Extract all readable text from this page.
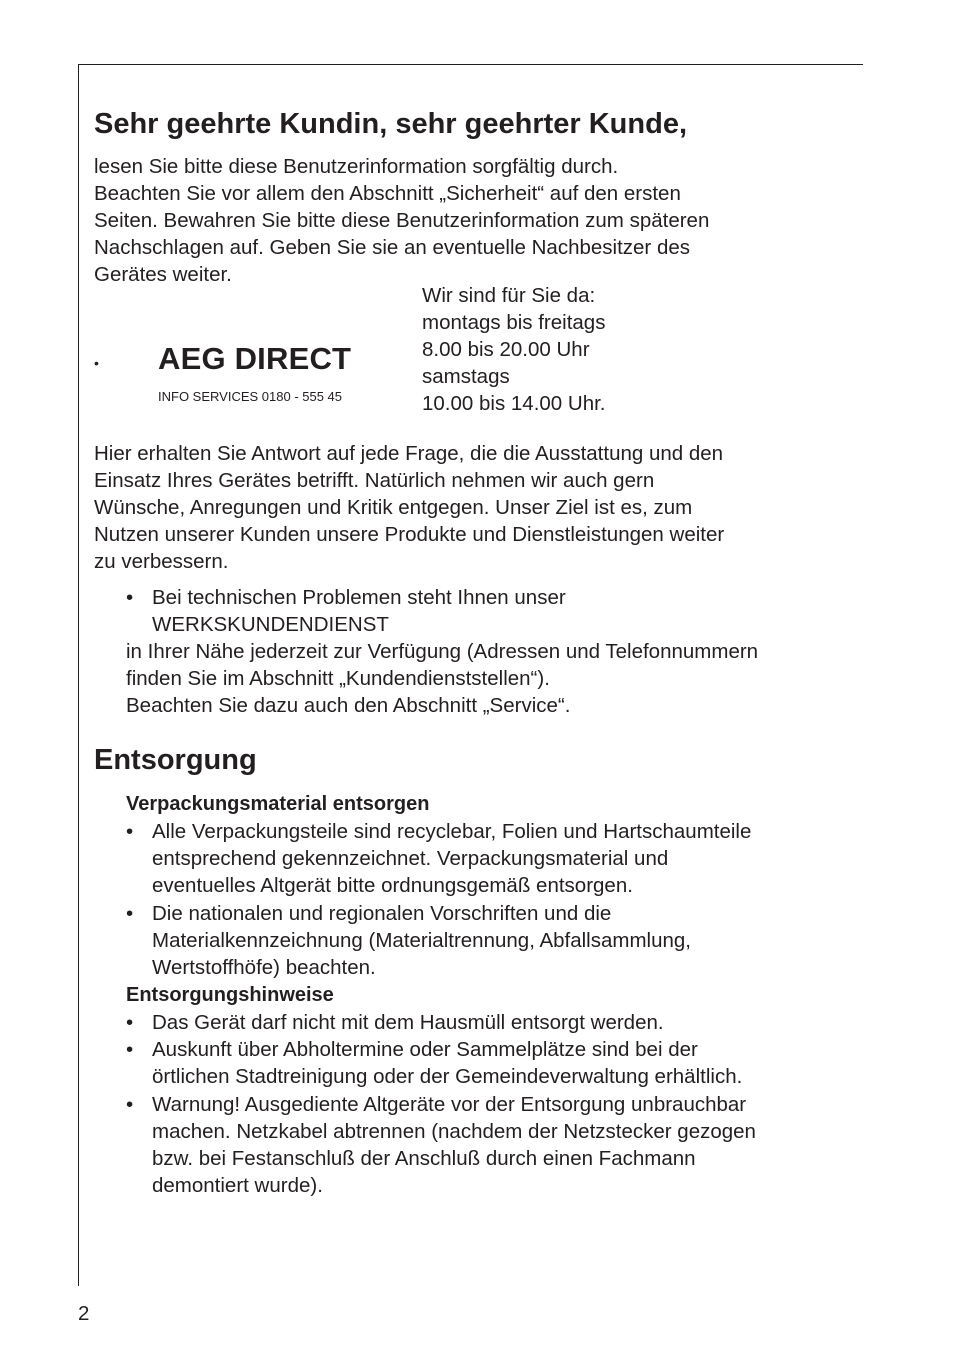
Sehr geehrte Kundin, sehr geehrter Kunde,

lesen Sie bitte diese Benutzerinformation sorgfältig durch.

Beachten Sie vor allem den Abschnitt „Sicherheit“ auf den ersten

Seiten. Bewahren Sie bitte diese Benutzerinformation zum späteren

Nachschlagen auf. Geben Sie sie an eventuelle Nachbesitzer des

Gerätes weiter.

• AEG DIRECT
INFO SERVICES 0180 - 555 45

Wir sind für Sie da:

montags bis freitags

8.00 bis 20.00 Uhr

samstags

10.00 bis 14.00 Uhr.

Hier erhalten Sie Antwort auf jede Frage, die die Ausstattung und den

Einsatz Ihres Gerätes betrifft. Natürlich nehmen wir auch gern

Wünsche, Anregungen und Kritik entgegen. Unser Ziel ist es, zum

Nutzen unserer Kunden unsere Produkte und Dienstleistungen weiter

zu verbessern.

• Bei technischen Problemen steht Ihnen unser

WERKSKUNDENDIENST

in Ihrer Nähe jederzeit zur Verfügung (Adressen und Telefonnummern

finden Sie im Abschnitt „Kundendienststellen“).

Beachten Sie dazu auch den Abschnitt „Service“.

Entsorgung
Verpackungsmaterial entsorgen
• Alle Verpackungsteile sind recyclebar, Folien und Hartschaumteile

entsprechend gekennzeichnet. Verpackungsmaterial und

eventuelles Altgerät bitte ordnungsgemäß entsorgen.

• Die nationalen und regionalen Vorschriften und die

Materialkennzeichnung (Materialtrennung, Abfallsammlung,

Wertstoffhöfe) beachten.

Entsorgungshinweise
• Das Gerät darf nicht mit dem Hausmüll entsorgt werden.

• Auskunft über Abholtermine oder Sammelplätze sind bei der

örtlichen Stadtreinigung oder der Gemeindeverwaltung erhältlich.

• Warnung! Ausgediente Altgeräte vor der Entsorgung unbrauchbar

machen. Netzkabel abtrennen (nachdem der Netzstecker gezogen

bzw. bei Festanschluß der Anschluß durch einen Fachmann

demontiert wurde).

2
